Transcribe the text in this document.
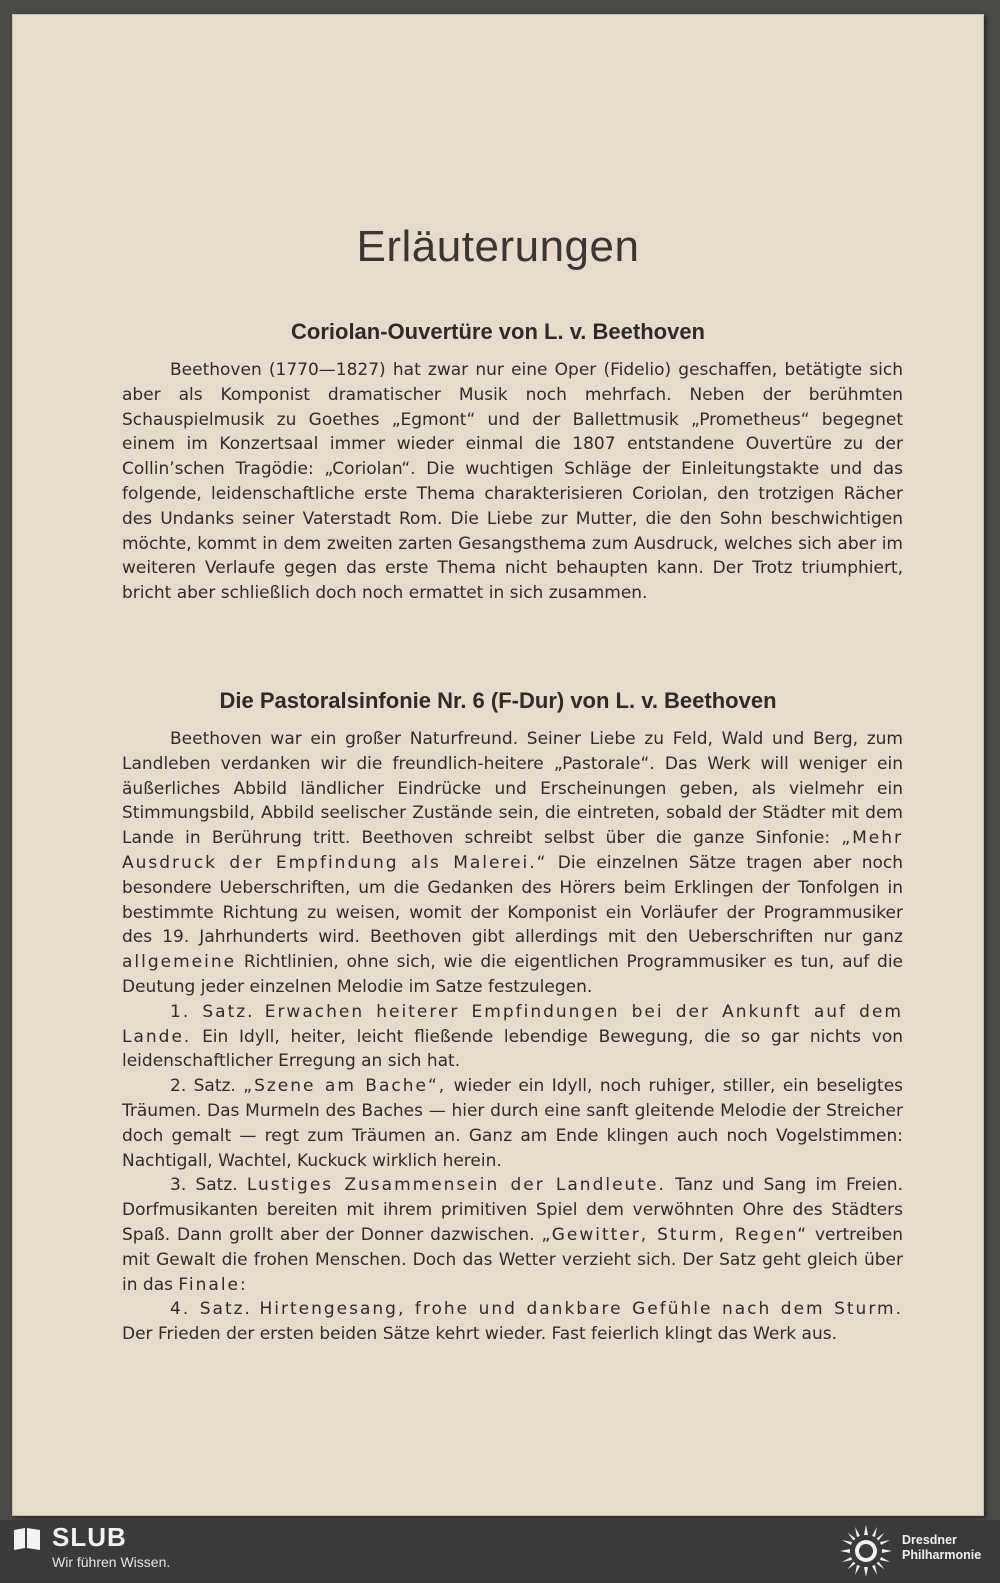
Erläuterungen
Coriolan-Ouvertüre von L. v. Beethoven

Beethoven (1770—1827) hat zwar nur eine Oper (Fidelio) geschaffen, betätigte sich aber als Komponist dramatischer Musik noch mehrfach. Neben der berühmten Schauspielmusik zu Goethes „Egmont“ und der Ballettmusik „Prometheus“ begegnet einem im Konzertsaal immer wieder einmal die 1807 entstandene Ouvertüre zu der Collin’schen Tragödie: „Coriolan“. Die wuchtigen Schläge der Einleitungstakte und das folgende, leidenschaftliche erste Thema charakterisieren Coriolan, den trotzigen Rächer des Undanks seiner Vaterstadt Rom. Die Liebe zur Mutter, die den Sohn beschwichtigen möchte, kommt in dem zweiten zarten Gesangsthema zum Ausdruck, welches sich aber im weiteren Verlaufe gegen das erste Thema nicht behaupten kann. Der Trotz triumphiert, bricht aber schließlich doch noch ermattet in sich zusammen.

Die Pastoralsinfonie Nr. 6 (F-Dur) von L. v. Beethoven

Beethoven war ein großer Naturfreund. Seiner Liebe zu Feld, Wald und Berg, zum Landleben verdanken wir die freundlich-heitere „Pastorale“. Das Werk will weniger ein äußerliches Abbild ländlicher Eindrücke und Erscheinungen geben, als vielmehr ein Stimmungsbild, Abbild seelischer Zustände sein, die eintreten, sobald der Städter mit dem Lande in Berührung tritt. Beethoven schreibt selbst über die ganze Sinfonie: „Mehr Ausdruck der Empfindung als Malerei.“ Die einzelnen Sätze tragen aber noch besondere Ueberschriften, um die Gedanken des Hörers beim Erklingen der Tonfolgen in bestimmte Richtung zu weisen, womit der Komponist ein Vorläufer der Programmusiker des 19. Jahrhunderts wird. Beethoven gibt allerdings mit den Ueberschriften nur ganz allgemeine Richtlinien, ohne sich, wie die eigentlichen Programmusiker es tun, auf die Deutung jeder einzelnen Melodie im Satze festzulegen.

1. Satz. Erwachen heiterer Empfindungen bei der Ankunft auf dem Lande. Ein Idyll, heiter, leicht fließende lebendige Bewegung, die so gar nichts von leidenschaftlicher Erregung an sich hat.

2. Satz. „Szene am Bache“, wieder ein Idyll, noch ruhiger, stiller, ein beseligtes Träumen. Das Murmeln des Baches — hier durch eine sanft gleitende Melodie der Streicher doch gemalt — regt zum Träumen an. Ganz am Ende klingen auch noch Vogelstimmen: Nachtigall, Wachtel, Kuckuck wirklich herein.

3. Satz. Lustiges Zusammensein der Landleute. Tanz und Sang im Freien. Dorfmusikanten bereiten mit ihrem primitiven Spiel dem verwöhnten Ohre des Städters Spaß. Dann grollt aber der Donner dazwischen. „Gewitter, Sturm, Regen“ vertreiben mit Gewalt die frohen Menschen. Doch das Wetter verzieht sich. Der Satz geht gleich über in das Finale:

4. Satz. Hirtengesang, frohe und dankbare Gefühle nach dem Sturm. Der Frieden der ersten beiden Sätze kehrt wieder. Fast feierlich klingt das Werk aus.

SLUB
Wir führen Wissen.
Dresdner
Philharmonie
